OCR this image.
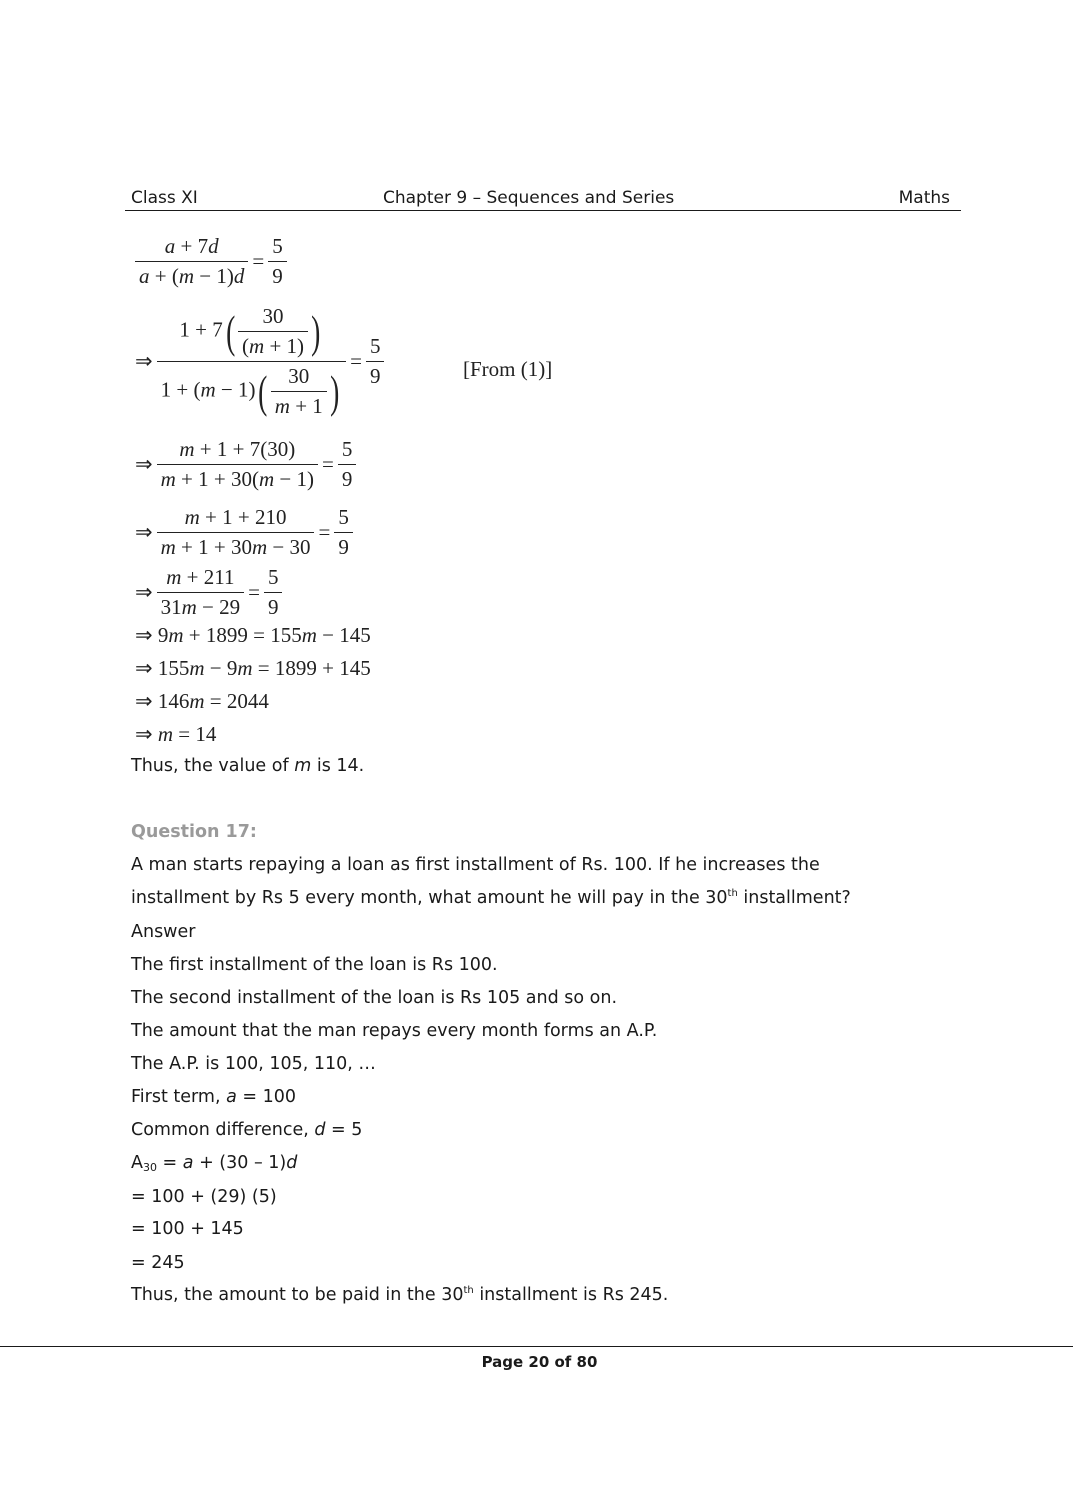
Class XI	Chapter 9 – Sequences and Series	Maths
$\frac{a + 7d}{a + (m - 1)d} = \frac{5}{9}$
⇒ $\frac{1 + 7( \frac{30}{(m + 1)} )}{1 + (m - 1)( \frac{30}{m + 1} )} = \frac{5}{9}$	[From (1)]
⇒ $\frac{m + 1 + 7(30)}{m + 1 + 30(m - 1)} = \frac{5}{9}$
⇒ $\frac{m + 1 + 210}{m + 1 + 30m - 30} = \frac{5}{9}$
⇒ $\frac{m + 211}{31m - 29} = \frac{5}{9}$
⇒ 9m + 1899 = 155m − 145
⇒ 155m − 9m = 1899 + 145
⇒ 146m = 2044
⇒ m = 14
Thus, the value of m is 14.
Question 17:
A man starts repaying a loan as first installment of Rs. 100. If he increases the
installment by Rs 5 every month, what amount he will pay in the 30th installment?
Answer
The first installment of the loan is Rs 100.
The second installment of the loan is Rs 105 and so on.
The amount that the man repays every month forms an A.P.
The A.P. is 100, 105, 110, …
First term, a = 100
Common difference, d = 5
$A_{30} = a + (30 - 1)d$
= 100 + (29) (5)
= 100 + 145
= 245
Thus, the amount to be paid in the 30th installment is Rs 245.
Page 20 of 80
